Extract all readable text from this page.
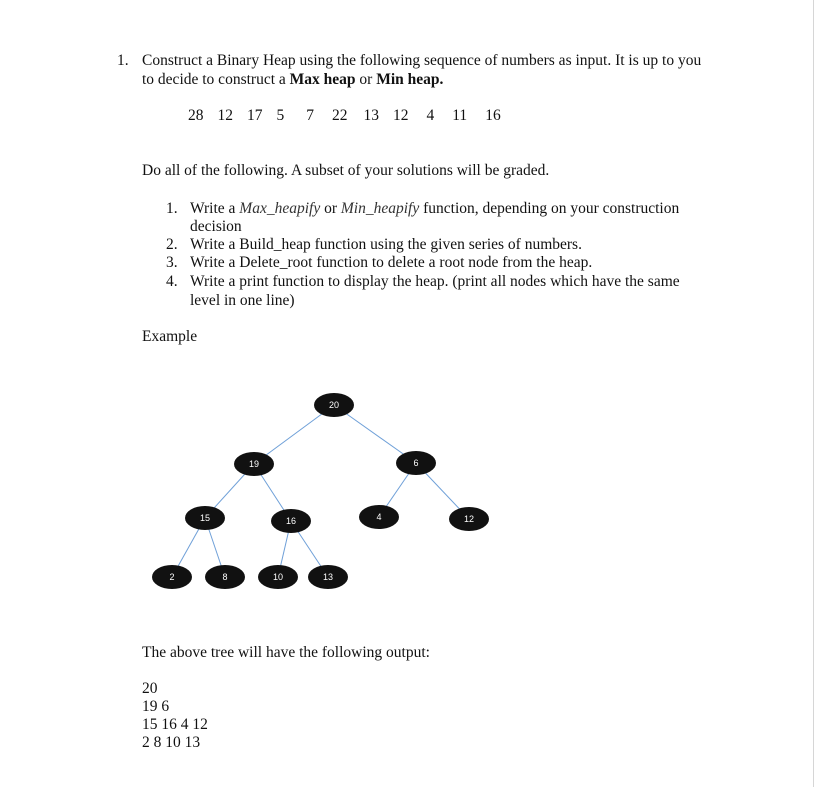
1. Construct a Binary Heap using the following sequence of numbers as input. It is up to you
to decide to construct a Max heap or Min heap.
28 12 17 5 7 22 13 12 4 11 16
Do all of the following. A subset of your solutions will be graded.
1. Write a Max_heapify or Min_heapify function, depending on your construction
decision
2. Write a Build_heap function using the given series of numbers.
3. Write a Delete_root function to delete a root node from the heap.
4. Write a print function to display the heap. (print all nodes which have the same
level in one line)
Example
20
19	6
15	16	4	12
2	8	10	13
The above tree will have the following output:
20
19 6
15 16 4 12
2 8 10 13
